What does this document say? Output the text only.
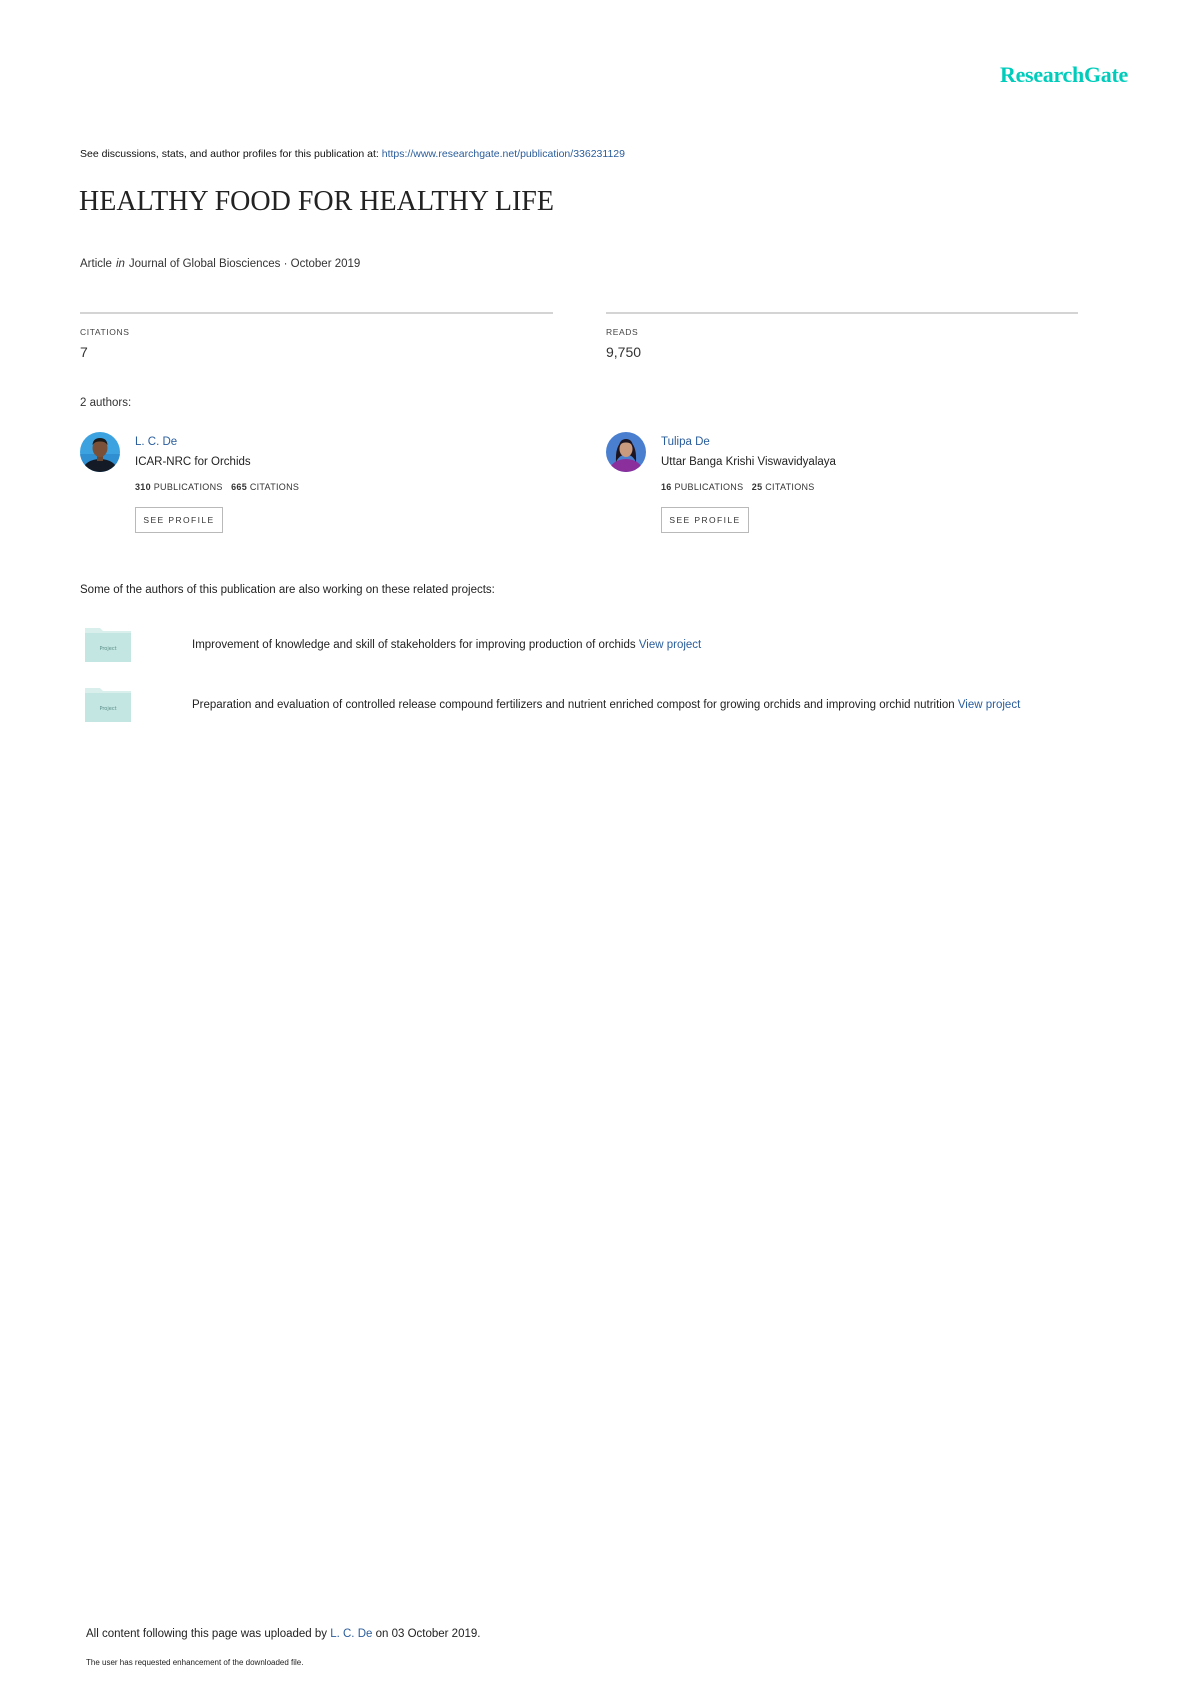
ResearchGate
See discussions, stats, and author profiles for this publication at: https://www.researchgate.net/publication/336231129
HEALTHY FOOD FOR HEALTHY LIFE
Article in Journal of Global Biosciences · October 2019
CITATIONS
7
READS
9,750
2 authors:
L. C. De
ICAR-NRC for Orchids
310 PUBLICATIONS 665 CITATIONS
SEE PROFILE
Tulipa De
Uttar Banga Krishi Viswavidyalaya
16 PUBLICATIONS 25 CITATIONS
SEE PROFILE
Some of the authors of this publication are also working on these related projects:
Project	Improvement of knowledge and skill of stakeholders for improving production of orchids View project
Project	Preparation and evaluation of controlled release compound fertilizers and nutrient enriched compost for growing orchids and improving orchid nutrition View project
All content following this page was uploaded by L. C. De on 03 October 2019.
The user has requested enhancement of the downloaded file.
